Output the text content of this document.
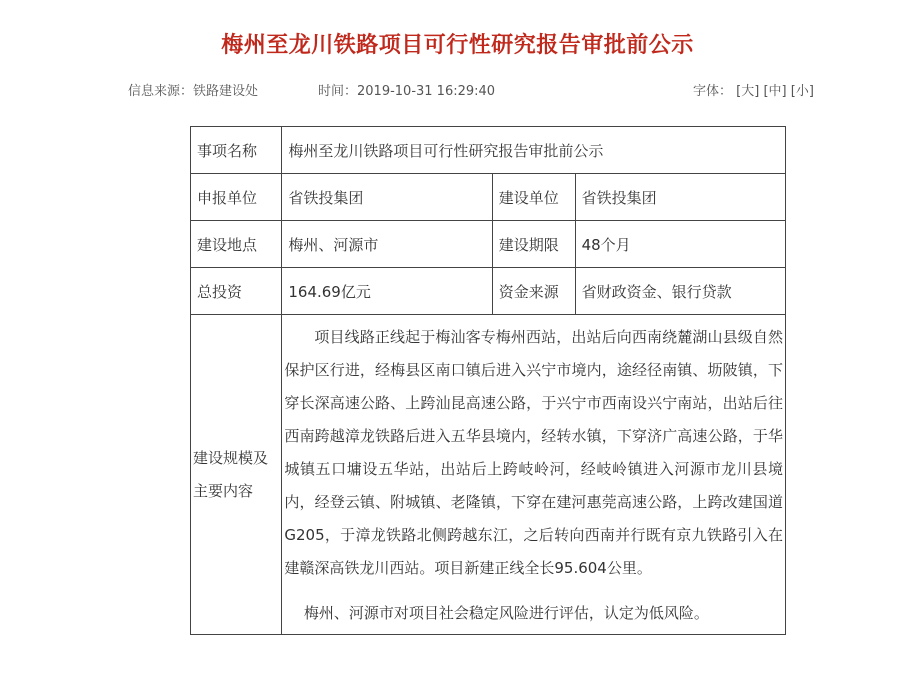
梅州至龙川铁路项目可行性研究报告审批前公示
信息来源：铁路建设处	时间：2019-10-31 16:29:40	字体： [大] [中] [小]
事项名称	梅州至龙川铁路项目可行性研究报告审批前公示		
申报单位	省铁投集团	建设单位	省铁投集团
建设地点	梅州、河源市	建设期限	48个月
总投资	164.69亿元	资金来源	省财政资金、银行贷款
建设规模及主要内容	项目线路正线起于梅汕客专梅州西站，出站后向西南绕麓湖山县级自然保护区行进，经梅县区南口镇后进入兴宁市境内，途经径南镇、坜陂镇，下穿长深高速公路、上跨汕昆高速公路，于兴宁市西南设兴宁南站，出站后往西南跨越漳龙铁路后进入五华县境内，经转水镇，下穿济广高速公路，于华城镇五口墉设五华站，出站后上跨岐岭河，经岐岭镇进入河源市龙川县境内，经登云镇、附城镇、老隆镇，下穿在建河惠莞高速公路，上跨改建国道G205，于漳龙铁路北侧跨越东江，之后转向西南并行既有京九铁路引入在建赣深高铁龙川西站。项目新建正线全长95.604公里。

梅州、河源市对项目社会稳定风险进行评估，认定为低风险。		
